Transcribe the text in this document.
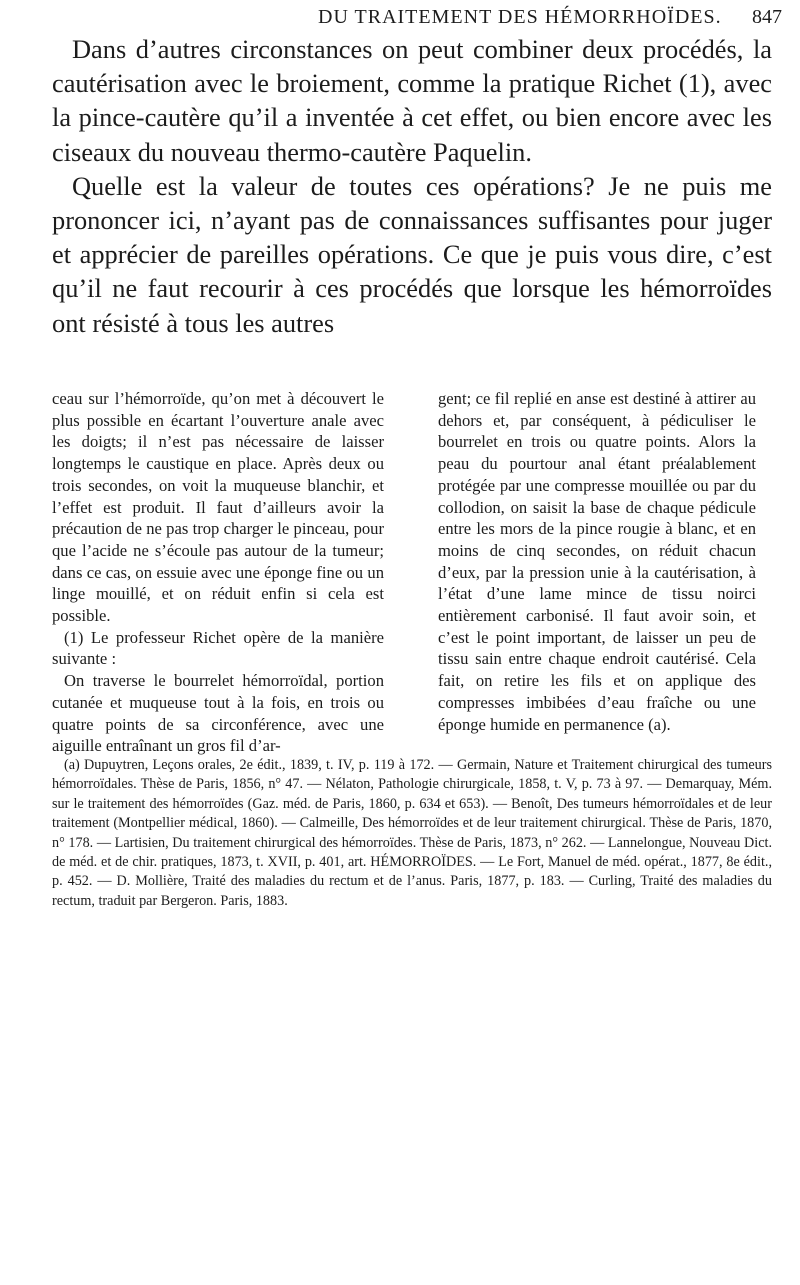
DU TRAITEMENT DES HÉMORRHOÏDES. 847

Dans d’autres circonstances on peut combiner deux procédés, la cautérisation avec le broiement, comme la pratique Richet (1), avec la pince-cautère qu’il a inventée à cet effet, ou bien encore avec les ciseaux du nouveau thermo-cautère Paquelin.

Quelle est la valeur de toutes ces opérations? Je ne puis me prononcer ici, n’ayant pas de connaissances suffisantes pour juger et apprécier de pareilles opérations. Ce que je puis vous dire, c’est qu’il ne faut recourir à ces procédés que lorsque les hémorroïdes ont résisté à tous les autres

ceau sur l’hémorroïde, qu’on met à découvert le plus possible en écartant l’ouverture anale avec les doigts; il n’est pas nécessaire de laisser longtemps le caustique en place. Après deux ou trois secondes, on voit la muqueuse blanchir, et l’effet est produit. Il faut d’ailleurs avoir la précaution de ne pas trop charger le pinceau, pour que l’acide ne s’écoule pas autour de la tumeur; dans ce cas, on essuie avec une éponge fine ou un linge mouillé, et on réduit enfin si cela est possible.

(1) Le professeur Richet opère de la manière suivante :

On traverse le bourrelet hémorroïdal, portion cutanée et muqueuse tout à la fois, en trois ou quatre points de sa circonférence, avec une aiguille entraînant un gros fil d’ar-

gent; ce fil replié en anse est destiné à attirer au dehors et, par conséquent, à pédiculiser le bourrelet en trois ou quatre points. Alors la peau du pourtour anal étant préalablement protégée par une compresse mouillée ou par du collodion, on saisit la base de chaque pédicule entre les mors de la pince rougie à blanc, et en moins de cinq secondes, on réduit chacun d’eux, par la pression unie à la cautérisation, à l’état d’une lame mince de tissu noirci entièrement carbonisé. Il faut avoir soin, et c’est le point important, de laisser un peu de tissu sain entre chaque endroit cautérisé. Cela fait, on retire les fils et on applique des compresses imbibées d’eau fraîche ou une éponge humide en permanence (a).

(a) Dupuytren, Leçons orales, 2e édit., 1839, t. IV, p. 119 à 172. — Germain, Nature et Traitement chirurgical des tumeurs hémorroïdales. Thèse de Paris, 1856, n° 47. — Nélaton, Pathologie chirurgicale, 1858, t. V, p. 73 à 97. — Demarquay, Mém. sur le traitement des hémorroïdes (Gaz. méd. de Paris, 1860, p. 634 et 653). — Benoît, Des tumeurs hémorroïdales et de leur traitement (Montpellier médical, 1860). — Calmeille, Des hémorroïdes et de leur traitement chirurgical. Thèse de Paris, 1870, n° 178. — Lartisien, Du traitement chirurgical des hémorroïdes. Thèse de Paris, 1873, n° 262. — Lannelongue, Nouveau Dict. de méd. et de chir. pratiques, 1873, t. XVII, p. 401, art. HÉMORROÏDES. — Le Fort, Manuel de méd. opérat., 1877, 8e édit., p. 452. — D. Mollière, Traité des maladies du rectum et de l’anus. Paris, 1877, p. 183. — Curling, Traité des maladies du rectum, traduit par Bergeron. Paris, 1883.
